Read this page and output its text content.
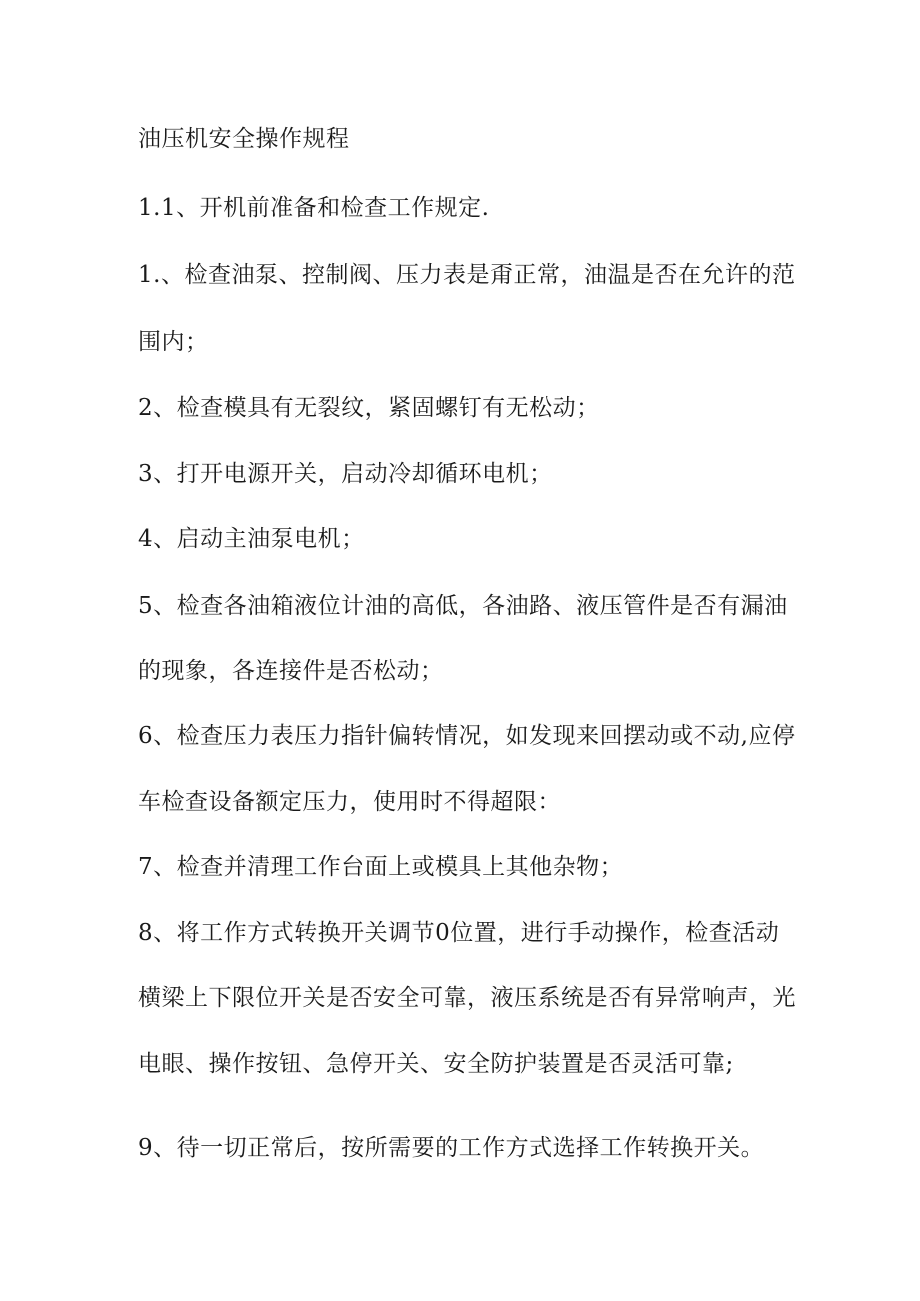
油压机安全操作规程
1.1、开机前准备和检查工作规定.
1.、检查油泵、控制阀、压力表是甭正常，油温是否在允许的范
围内；
2、检查模具有无裂纹，紧固螺钉有无松动；
3、打开电源开关，启动冷却循环电机；
4、启动主油泵电机；
5、检查各油箱液位计油的高低，各油路、液压管件是否有漏油
的现象，各连接件是否松动；
6、检查压力表压力指针偏转情况，如发现来回摆动或不动,应停
车检查设备额定压力，使用时不得超限：
7、检查并清理工作台面上或模具上其他杂物；
8、将工作方式转换开关调节0位置，进行手动操作，检查活动
横梁上下限位开关是否安全可靠，液压系统是否有异常响声，光
电眼、操作按钮、急停开关、安全防护装置是否灵活可靠;
9、待一切正常后，按所需要的工作方式选择工作转换开关。
